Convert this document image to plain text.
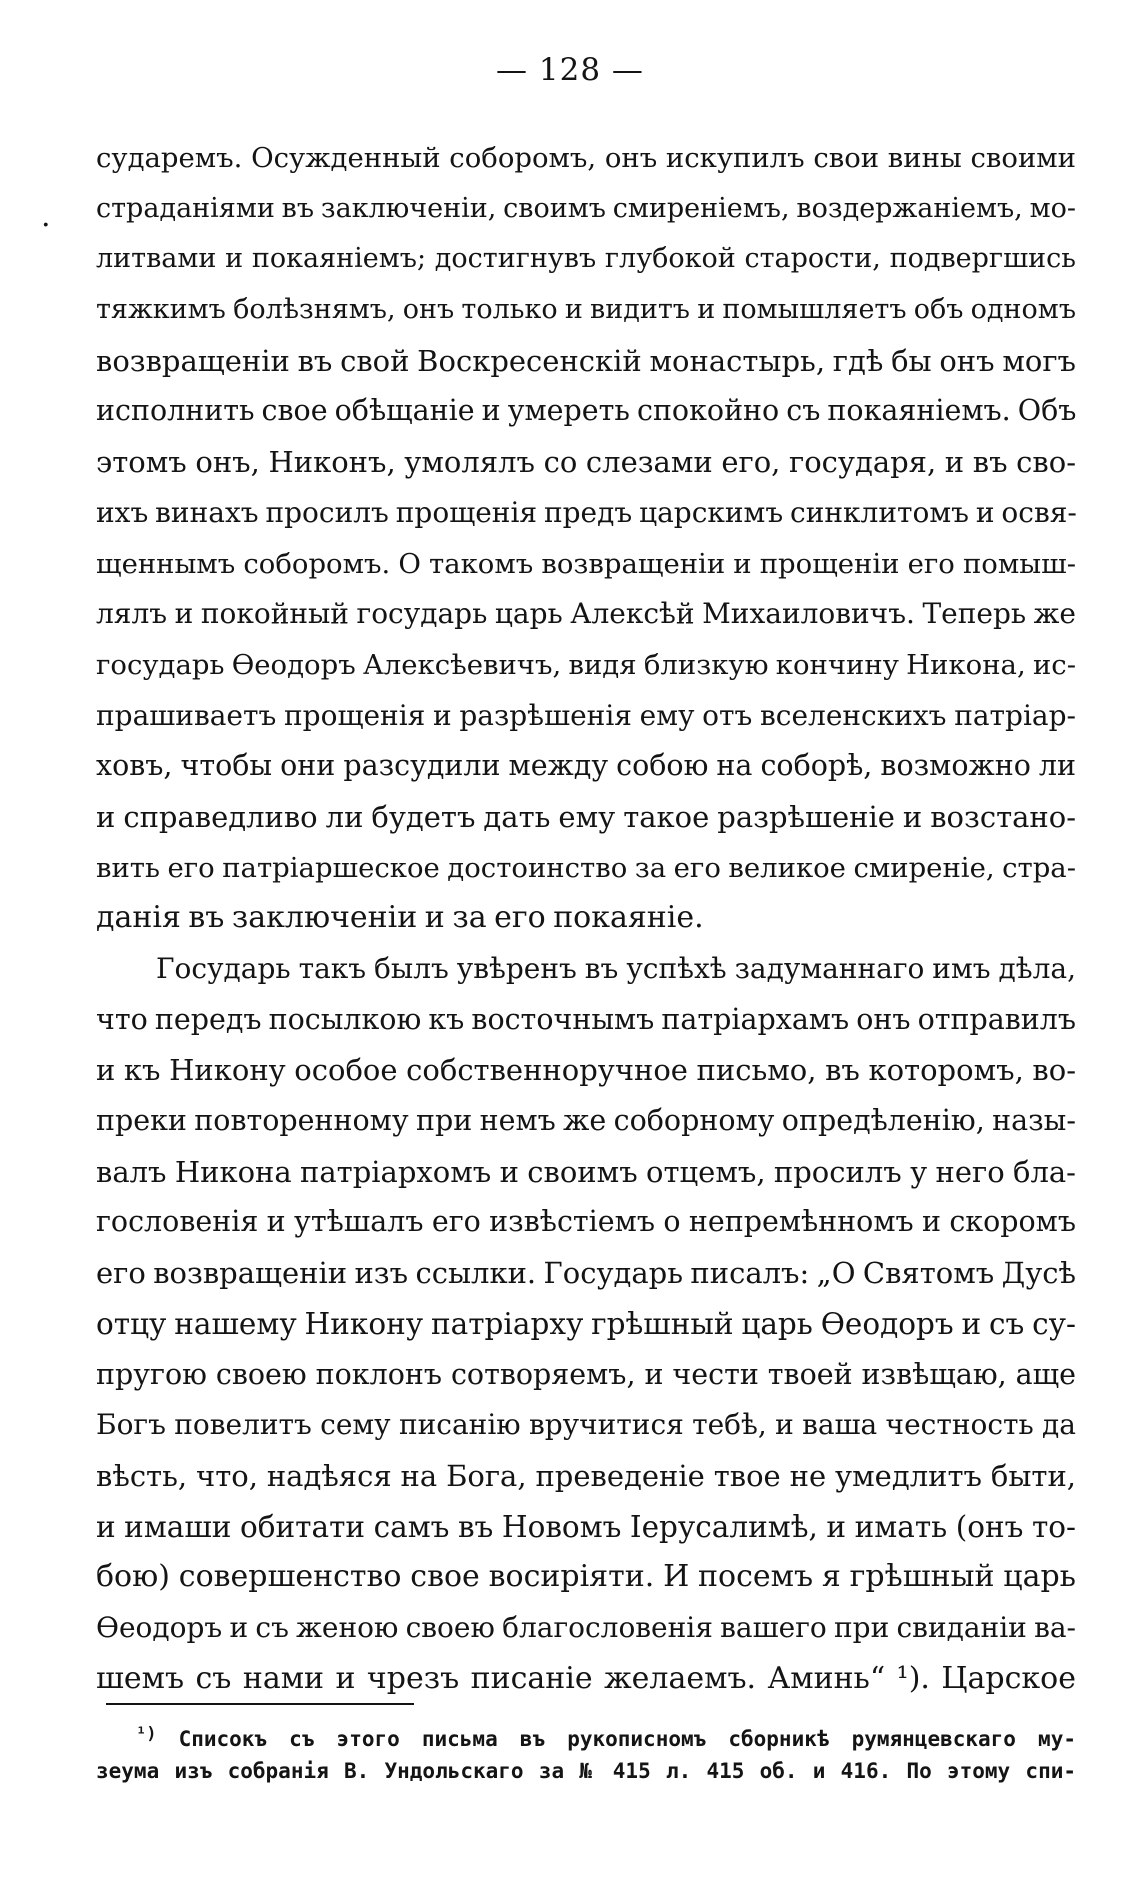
— 128 —
.
сударемъ. Осужденный соборомъ, онъ искупилъ свои вины своими
страданіями въ заключеніи, своимъ смиреніемъ, воздержаніемъ, мо-
литвами и покаяніемъ; достигнувъ глубокой старости, подвергшись
тяжкимъ болѣзнямъ, онъ только и видитъ и помышляетъ объ одномъ
возвращеніи въ свой Воскресенскій монастырь, гдѣ бы онъ могъ
исполнить свое обѣщаніе и умереть спокойно съ покаяніемъ. Объ
этомъ онъ, Никонъ, умолялъ со слезами его, государя, и въ сво-
ихъ винахъ просилъ прощенія предъ царскимъ синклитомъ и освя-
щеннымъ соборомъ. О такомъ возвращеніи и прощеніи его помыш-
лялъ и покойный государь царь Алексѣй Михаиловичъ. Теперь же
государь Ѳеодоръ Алексѣевичъ, видя близкую кончину Никона, ис-
прашиваетъ прощенія и разрѣшенія ему отъ вселенскихъ патріар-
ховъ, чтобы они разсудили между собою на соборѣ, возможно ли
и справедливо ли будетъ дать ему такое разрѣшеніе и возстано-
вить его патріаршеское достоинство за его великое смиреніе, стра-
данія въ заключеніи и за его покаяніе.
Государь такъ былъ увѣренъ въ успѣхѣ задуманнаго имъ дѣла,
что передъ посылкою къ восточнымъ патріархамъ онъ отправилъ
и къ Никону особое собственноручное письмо, въ которомъ, во-
преки повторенному при немъ же соборному опредѣленію, назы-
валъ Никона патріархомъ и своимъ отцемъ, просилъ у него бла-
гословенія и утѣшалъ его извѣстіемъ о непремѣнномъ и скоромъ
его возвращеніи изъ ссылки. Государь писалъ: „О Святомъ Дусѣ
отцу нашему Никону патріарху грѣшный царь Ѳеодоръ и съ су-
пругою своею поклонъ сотворяемъ, и чести твоей извѣщаю, аще
Богъ повелитъ сему писанію вручитися тебѣ, и ваша честность да
вѣсть, что, надѣяся на Бога, преведеніе твое не умедлитъ быти,
и имаши обитати самъ въ Новомъ Іерусалимѣ, и имать (онъ то-
бою) совершенство свое восиріяти. И посемъ я грѣшный царь
Ѳеодоръ и съ женою своею благословенія вашего при свиданіи ва-
шемъ съ нами и чрезъ писаніе желаемъ. Аминь“ ¹). Царское
$^{^1)}$ Списокъ съ этого письма въ рукописномъ сборникѣ румянцевскаго му-
зеума изъ собранія В. Ундольскаго за № 415 л. 415 об. и 416. По этому спи-
